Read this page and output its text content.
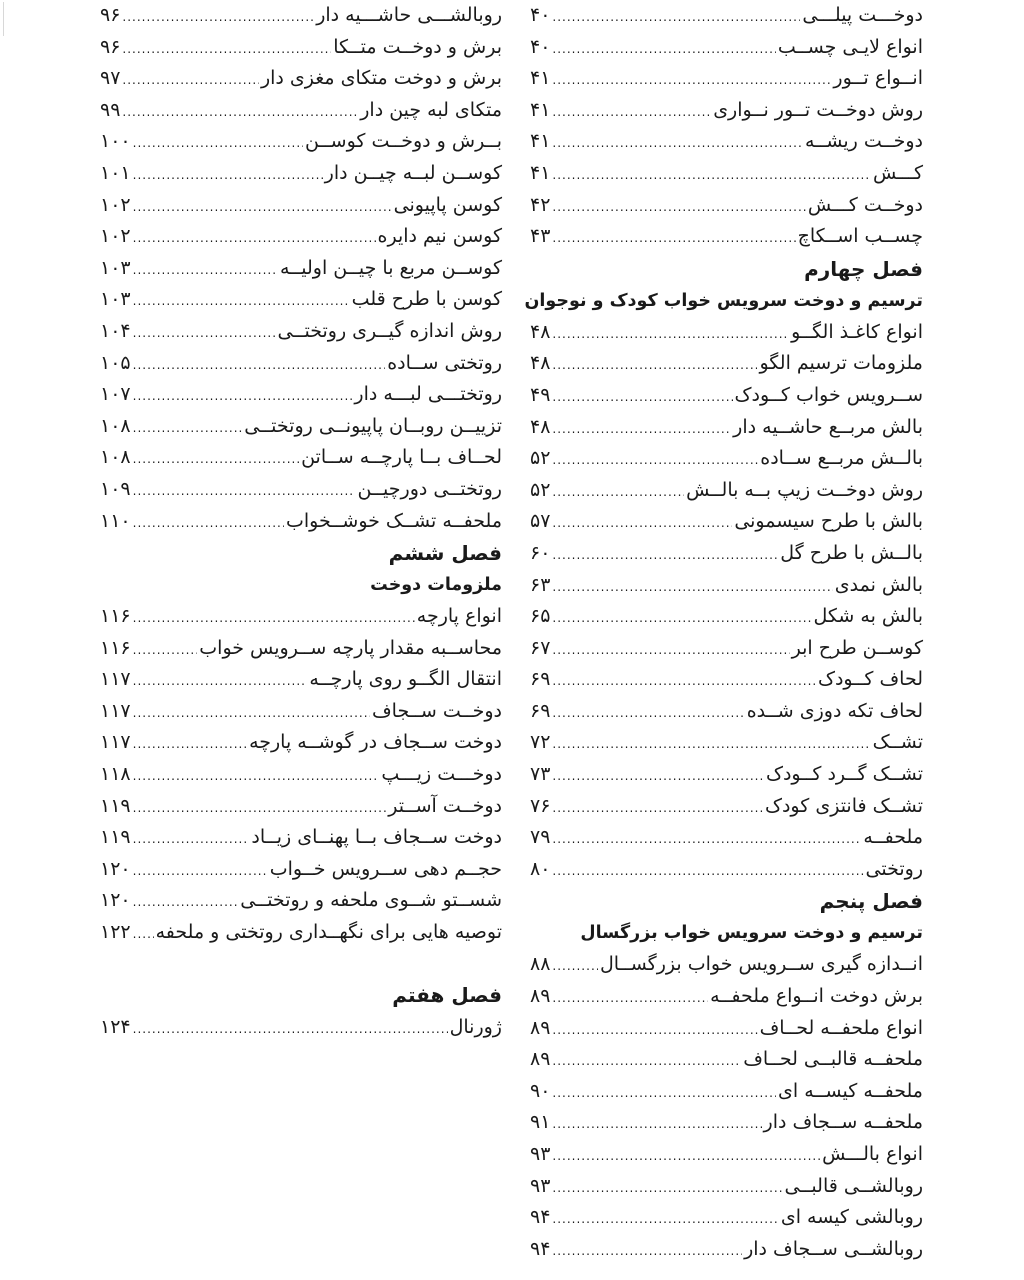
دوخـــت پیلـــی
.....
۴۰
انواع لایـی چســب
.....
۴۰
انــواع تــور
.....
۴۱
روش دوخــت تــور نــواری
.....
۴۱
دوخــت ریشــه
.....
۴۱
کـــش
.....
۴۱
دوخــت کـــش
.....
۴۲
چســب اســکاچ
.....
۴۳
فصل چهارم
ترسیم و دوخت سرویس خواب کودک و نوجوان
انواع کاغـذ الگــو
.....
۴۸
ملزومات ترسیم الگو
.....
۴۸
ســرویس خواب کــودک
.....
۴۹
بالش مربــع حاشــیه دار
.....
۴۸
بالــش مربــع ســاده
.....
۵۲
روش دوخــت زیپ بــه بالــش
.....
۵۲
بالش با طرح سیسمونی
.....
۵۷
بالــش با طرح گل
.....
۶۰
بالش نمدی
.....
۶۳
بالش به شکل
.....
۶۵
کوســن طرح ابر
.....
۶۷
لحاف کــودک
.....
۶۹
لحاف تکه دوزی شــده
.....
۶۹
تشــک
.....
۷۲
تشــک گــرد کــودک
.....
۷۳
تشــک فانتزی کودک
.....
۷۶
ملحفــه
.....
۷۹
روتختی
.....
۸۰
فصل پنجم
ترسیم و دوخت سرویس خواب بزرگسال
انــدازه گیری ســرویس خواب بزرگســال
.....
۸۸
برش دوخت انــواع ملحفــه
.....
۸۹
انواع ملحفــه لحــاف
.....
۸۹
ملحفــه قالبــی لحــاف
.....
۸۹
ملحفــه کیســه ای
.....
۹۰
ملحفــه ســجاف دار
.....
۹۱
انواع بالـــش
.....
۹۳
روبالشــی قالبــی
.....
۹۳
روبالشی کیسه ای
.....
۹۴
روبالشــی ســجاف دار
.....
۹۴
روبالشـــی حاشـــیه دار
.....
۹۶
برش و دوخــت متــکا
.....
۹۶
برش و دوخت متکای مغزی دار
.....
۹۷
متکای لبه چین دار
.....
۹۹
بــرش و دوخــت کوســن
.....
۱۰۰
کوســن لبــه چیــن دار
.....
۱۰۱
کوسن پاپیونی
.....
۱۰۲
کوسن نیم دایره
.....
۱۰۲
کوســن مربع با چیــن اولیــه
.....
۱۰۳
کوسن با طرح قلب
.....
۱۰۳
روش اندازه گیــری روتختــی
.....
۱۰۴
روتختی ســاده
.....
۱۰۵
روتختـــی لبـــه دار
.....
۱۰۷
تزییــن روبــان پاپیونــی روتختــی
.....
۱۰۸
لحــاف بــا پارچــه ســاتن
.....
۱۰۸
روتختــی دورچیــن
.....
۱۰۹
ملحفــه تشــک خوشــخواب
.....
۱۱۰
فصل ششم
ملزومات دوخت
انواع پارچه
.....
۱۱۶
محاســبه مقدار پارچه ســرویس خواب
.....
۱۱۶
انتقال الگــو روی پارچــه
.....
۱۱۷
دوخــت ســجاف
.....
۱۱۷
دوخت ســجاف در گوشــه پارچه
.....
۱۱۷
دوخـــت زیـــپ
.....
۱۱۸
دوخــت آســتر
.....
۱۱۹
دوخت ســجاف بــا پهنــای زیــاد
.....
۱۱۹
حجــم دهی ســرویس خــواب
.....
۱۲۰
شســتو شــوی ملحفه و روتختــی
.....
۱۲۰
توصیه هایی برای نگهــداری روتختی و ملحفه
.....
۱۲۲
فصل هفتم
ژورنال
.....
۱۲۴
